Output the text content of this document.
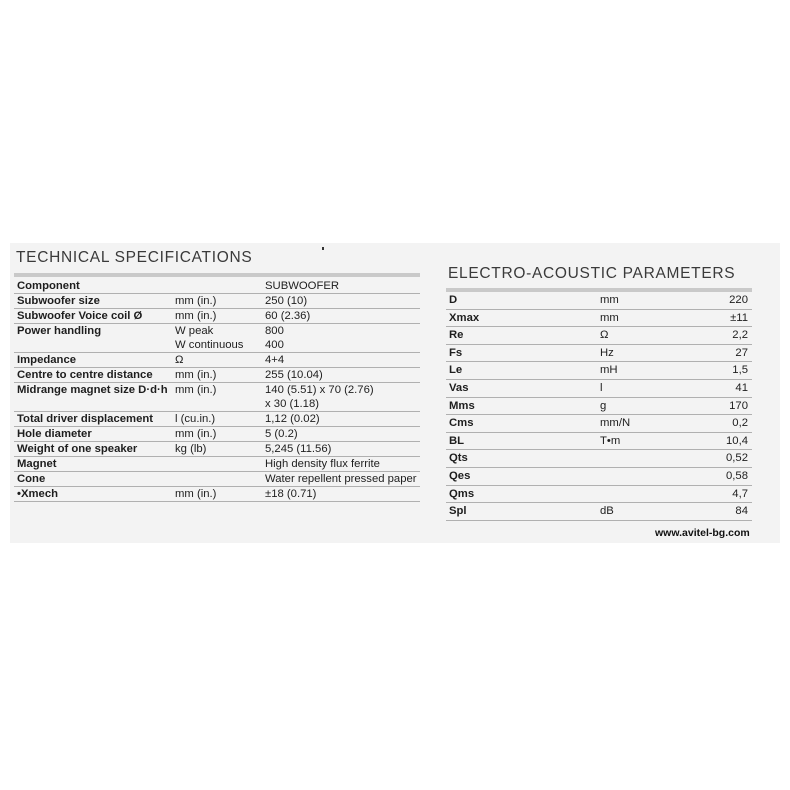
TECHNICAL SPECIFICATIONS
Component		SUBWOOFER
Subwoofer size	mm (in.)	250 (10)
Subwoofer Voice coil Ø	mm (in.)	60 (2.36)
Power handling	W peak	800
	W continuous	400
Impedance	Ω	4+4
Centre to centre distance	mm (in.)	255 (10.04)
Midrange magnet size D·d·h	mm (in.)	140 (5.51) x 70 (2.76)
x 30 (1.18)

Total driver displacement	l (cu.in.)	1,12 (0.02)
Hole diameter	mm (in.)	5 (0.2)
Weight of one speaker	kg (lb)	5,245 (11.56)
Magnet		High density flux ferrite
Cone		Water repellent pressed paper
•Xmech	mm (in.)	±18 (0.71)
ELECTRO-ACOUSTIC PARAMETERS
D	mm	220
Xmax	mm	±11
Re	Ω	2,2
Fs	Hz	27
Le	mH	1,5
Vas	l	41
Mms	g	170
Cms	mm/N	0,2
BL	T•m	10,4
Qts		0,52
Qes		0,58
Qms		4,7
Spl	dB	84
www.avitel-bg.com
